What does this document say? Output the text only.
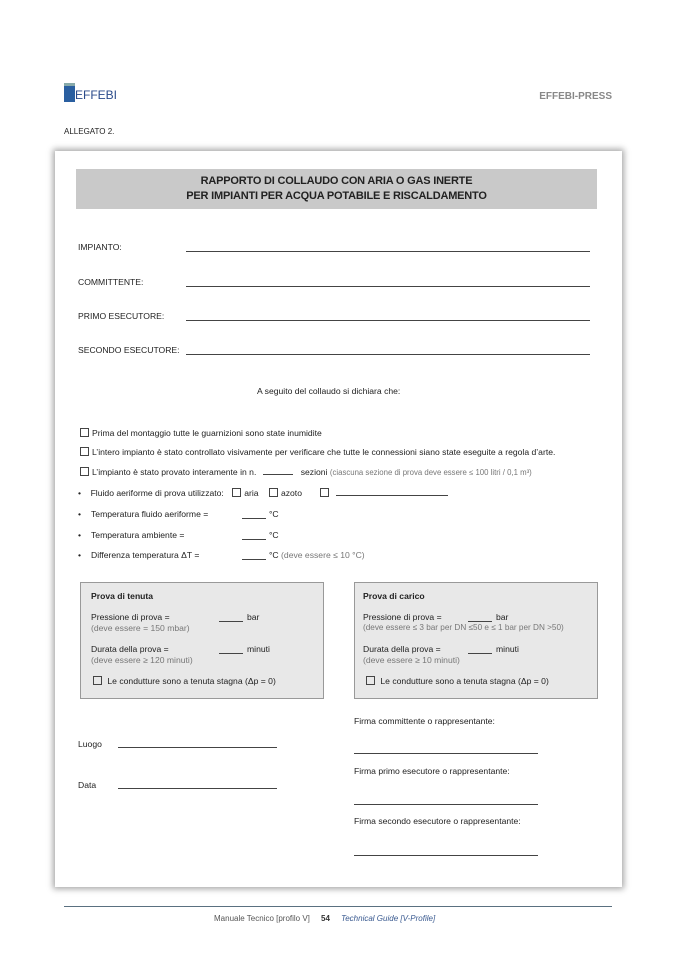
EFFEBI	EFFEBI-PRESS
ALLEGATO 2.
RAPPORTO DI COLLAUDO CON ARIA O GAS INERTE
PER IMPIANTI PER ACQUA POTABILE E RISCALDAMENTO
IMPIANTO:
COMMITTENTE:
PRIMO ESECUTORE:
SECONDO ESECUTORE:
A seguito del collaudo si dichiara che:
Prima del montaggio tutte le guarnizioni sono state inumidite
L’intero impianto è stato controllato visivamente per verificare che tutte le connessioni siano state eseguite a regola d’arte.
L’impianto è stato provato interamente in n.	sezioni (ciascuna sezione di prova deve essere ≤ 100 litri / 0,1 m³)
•    Fluido aeriforme di prova utilizzato: aria	azoto
• Temperatura fluido aeriforme =	°C
• Temperatura ambiente =	°C
• Differenza temperatura ΔT =	°C (deve essere ≤ 10 °C)
Prova di tenuta
Pressione di prova =	bar
(deve essere = 150 mbar)
Durata della prova =	minuti
(deve essere ≥ 120 minuti)
Le condutture sono a tenuta stagna (Δp = 0)
Prova di carico
Pressione di prova =	bar
(deve essere ≤ 3 bar per DN ≤50 e ≤ 1 bar per DN >50)
Durata della prova =	minuti
(deve essere ≥ 10 minuti)
Le condutture sono a tenuta stagna (Δp = 0)
Luogo
Data
Firma committente o rappresentante:
Firma primo esecutore o rappresentante:
Firma secondo esecutore o rappresentante:
Manuale Tecnico [profilo V] 54 Technical Guide [V-Profile]
